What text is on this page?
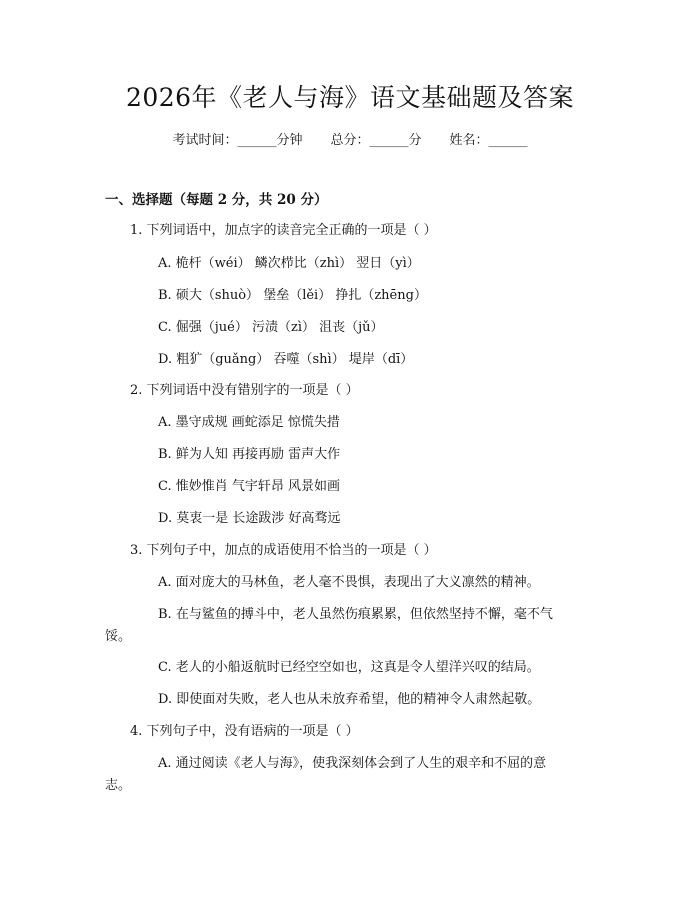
2026年《老人与海》语文基础题及答案
考试时间：______分钟 总分：______分 姓名：______
一、选择题（每题 2 分，共 20 分）
1. 下列词语中，加点字的读音完全正确的一项是（ ）
A. 桅杆（wéi） 鳞次栉比（zhì） 翌日（yì）
B. 硕大（shuò） 堡垒（lěi） 挣扎（zhēng）
C. 倔强（jué） 污渍（zì） 沮丧（jǔ）
D. 粗犷（guǎng） 吞噬（shì） 堤岸（dī）
2. 下列词语中没有错别字的一项是（ ）
A. 墨守成规 画蛇添足 惊慌失措
B. 鲜为人知 再接再励 雷声大作
C. 惟妙惟肖 气宇轩昂 风景如画
D. 莫衷一是 长途跋涉 好高骛远
3. 下列句子中，加点的成语使用不恰当的一项是（ ）
A. 面对庞大的马林鱼，老人毫不畏惧，表现出了大义凛然的精神。
B. 在与鲨鱼的搏斗中，老人虽然伤痕累累，但依然坚持不懈，毫不气
馁。
C. 老人的小船返航时已经空空如也，这真是令人望洋兴叹的结局。
D. 即使面对失败，老人也从未放弃希望，他的精神令人肃然起敬。
4. 下列句子中，没有语病的一项是（ ）
A. 通过阅读《老人与海》，使我深刻体会到了人生的艰辛和不屈的意
志。
